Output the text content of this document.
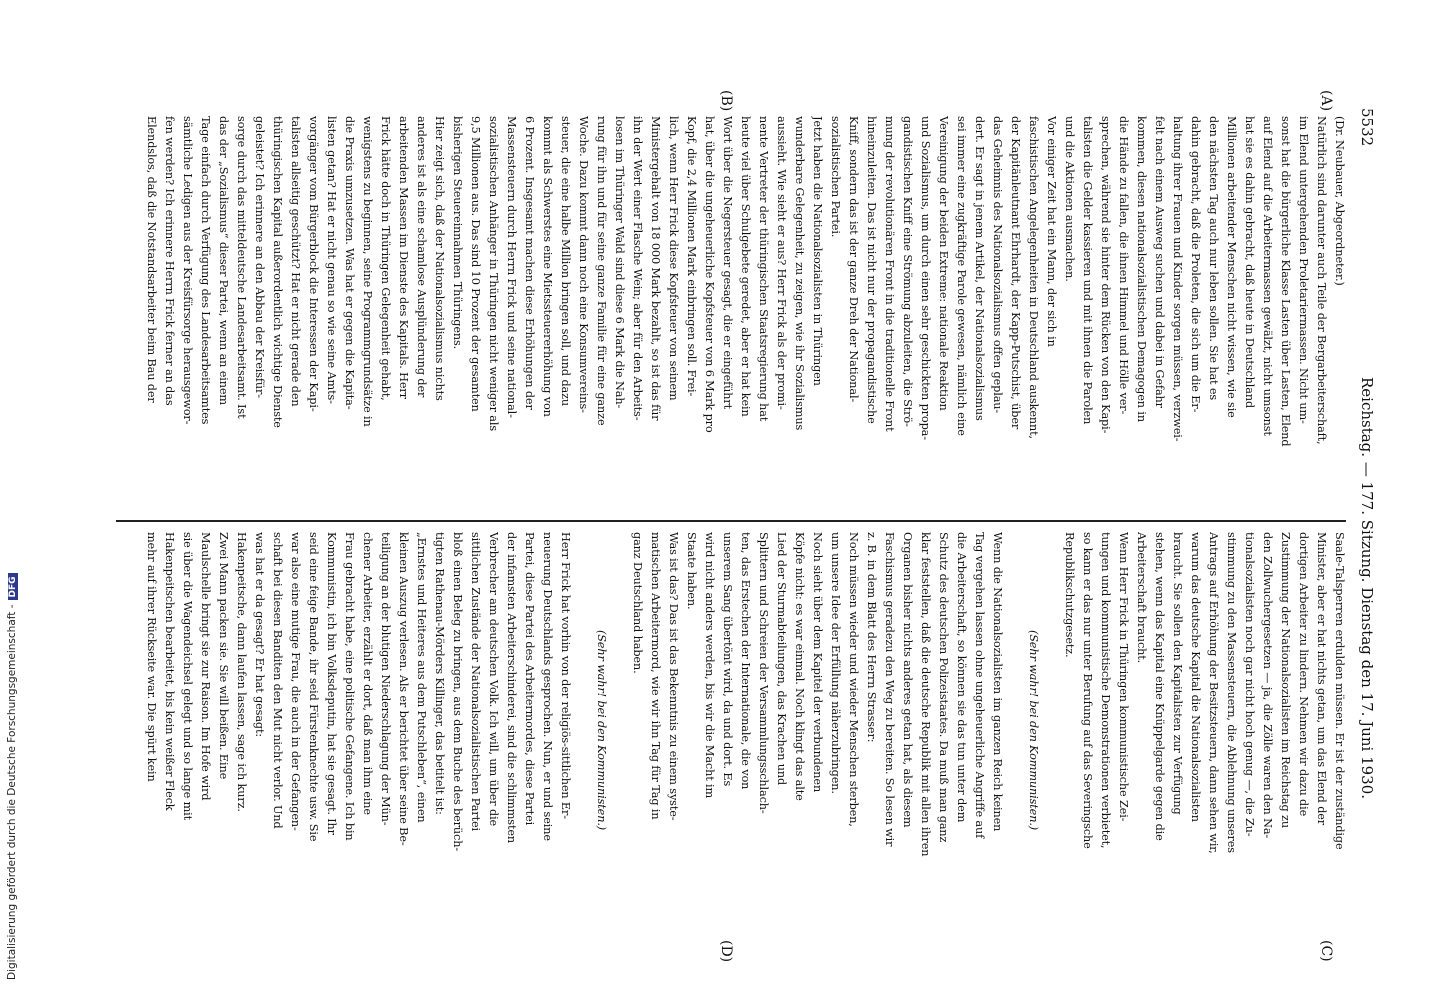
5532
Reichstag. — 177. Sitzung. Dienstag den 17. Juni 1930.
(A)
(B)
(C)
(D)

(Dr. Neubauer, Abgeordneter.)

Natürlich sind darunter auch Teile der Bergarbeiterschaft,

im Elend untergehenden Proletariermassen. Nicht um-

sonst hat die bürgerliche Klasse Lasten über Lasten, Elend

auf Elend auf die Arbeitermassen gewälzt, nicht umsonst

hat sie es dahin gebracht, daß heute in Deutschland

Millionen arbeitender Menschen nicht wissen, wie sie

den nächsten Tag auch nur leben sollen. Sie hat es

dahin gebracht, daß die Proleten, die sich um die Er-

haltung ihrer Frauen und Kinder sorgen müssen, verzwei-

felt nach einem Ausweg suchen und dabei in Gefahr

kommen, diesen nationalsozialistischen Demagogen in

die Hände zu fallen, die ihnen Himmel und Hölle ver-

sprechen, während sie hinter dem Rücken von den Kapi-

talisten die Gelder kassieren und mit ihnen die Parolen

und die Aktionen ausmachen.

Vor einiger Zeit hat ein Mann, der sich in

faschistischen Angelegenheiten in Deutschland auskennt,

der Kapitänleutnant Ehrhardt, der Kapp-Putschist, über

das Geheimnis des Nationalsozialismus offen geplau-

dert. Er sagt in jenem Artikel, der Nationalsozialismus

sei immer eine zugkräftige Parole gewesen, nämlich eine

Vereinigung der beiden Extreme: nationale Reaktion

und Sozialismus, um durch einen sehr geschickten propa-

gandistischen Kniff eine Strömung abzuleiten, die Strö-

mung der revolutionären Front in die traditionelle Front

hineinzuleiten. Das ist nicht nur der propagandistische

Kniff, sondern das ist der ganze Dreh der National-

sozialistischen Partei.

Jetzt haben die Nationalsozialisten in Thüringen

wunderbare Gelegenheit, zu zeigen, wie ihr Sozialismus

aussieht. Wie sieht er aus? Herr Frick als der promi-

nente Vertreter der thüringischen Staatsregierung hat

heute viel über Schulgebete geredet, aber er hat kein

Wort über die Negersteuer gesagt, die er eingeführt

hat, über die ungeheuerliche Kopfsteuer von 6 Mark pro

Kopf, die 2,4 Millionen Mark einbringen soll. Frei-

lich, wenn Herr Frick diese Kopfsteuer von seinem

Ministergehalt von 18 000 Mark bezahlt, so ist das für

ihn der Wert einer Flasche Wein; aber für den Arbeits-

losen im Thüringer Wald sind diese 6 Mark die Nah-

rung für ihn und für seine ganze Familie für eine ganze

Woche. Dazu kommt dann noch eine Konsumvereins-

steuer, die eine halbe Million bringen soll, und dazu

kommt als Schwerstes eine Mietssteuererhöhung von

6 Prozent. Insgesamt machen diese Erhöhungen der

Massensteuern durch Herrn Frick und seine national-

sozialistischen Anhänger in Thüringen nicht weniger als

9,5 Millionen aus. Das sind 10 Prozent der gesamten

bisherigen Steuereinnahmen Thüringens.

Hier zeigt sich, daß der Nationalsozialismus nichts

anderes ist als eine schamlose Ausplünderung der

arbeitenden Massen im Dienste des Kapitals. Herr

Frick hätte doch in Thüringen Gelegenheit gehabt,

wenigstens zu beginnen, seine Programmgrundsätze in

die Praxis umzusetzen. Was hat er gegen die Kapita-

listen getan? Hat er nicht genau so wie seine Amts-

vorgänger vom Bürgerblock die Interessen der Kapi-

talisten allseitig geschützt? Hat er nicht gerade den

thüringischen Kapital außerordentlich wichtige Dienste

geleistet? Ich erinnere an den Abbau der Kreisfür-

sorge durch das mitteldeutsche Landesarbeitsamt. Ist

das der „Sozialismus“ dieser Partei, wenn an einem

Tage einfach durch Verfügung des Landesarbeitsamtes

sämtliche Ledigen aus der Kreisfürsorge herausgewor-

fen werden? Ich erinnere Herrn Frick ferner an das

Elendslos, daß die Notstandsarbeiter beim Bau der

Saale-Talsperren erdulden müssen. Er ist der zuständige

Minister, aber er hat nichts getan, um das Elend der

dortigen Arbeiter zu lindern. Nehmen wir dazu die

Zustimmung der Nationalsozialisten im Reichstag zu

den Zollwuchergesetzen — ja, die Zölle waren den Na-

tionalsozialisten noch gar nicht hoch genug —, die Zu-

stimmung zu den Massensteuern, die Ablehnung unseres

Antrags auf Erhöhung der Besitzsteuern, dann sehen wir,

warum das deutsche Kapital die Nationalsozialisten

braucht. Sie sollen den Kapitalisten zur Verfügung

stehen, wenn das Kapital eine Knüppelgarde gegen die

Arbeiterschaft braucht.

Wenn Herr Frick in Thüringen kommunistische Zei-

tungen und kommunistische Demonstrationen verbietet,

so kann er das nur unter Berufung auf das Severingsche

Republikschutzgesetz.

(Sehr wahr! bei den Kommunisten.)

Wenn die Nationalsozialisten im ganzen Reich keinen

Tag vergehen lassen ohne ungeheuerliche Angriffe auf

die Arbeiterschaft, so können sie das tun unter dem

Schutz des deutschen Polizeistaates. Da muß man ganz

klar feststellen, daß die deutsche Republik mit allen ihren

Organen bisher nichts anderes getan hat, als diesem

Faschismus geradezu den Weg zu bereiten. So lesen wir

z. B. in dem Blatt des Herrn Strasser:

Noch müssen wieder und wieder Menschen sterben,

um unsere Idee der Erfüllung näherzubringen.

Noch sieht über dem Kapitel der verbundenen

Köpfe nicht: es war einmal. Noch klingt das alte

Lied der Sturmabteilungen, das Krachen und

Splittern und Schreien der Versammlungsschlach-

ten, das Erstechen der Internationale, die von

unserem Sang übertönt wird, da und dort. Es

wird nicht anders werden, bis wir die Macht im

Staate haben.

Was ist das? Das ist das Bekenntnis zu einem syste-

matischen Arbeitermord, wie wir ihn Tag für Tag in

ganz Deutschland haben.

(Sehr wahr! bei den Kommunisten.)

Herr Frick hat vorhin von der religiös-sittlichen Er-

neuerung Deutschlands gesprochen. Nun, er und seine

Partei, diese Partei des Arbeitermordes, diese Partei

der infamsten Arbeiterschinderei, sind die schlimmsten

Verbrecher am deutschen Volk. Ich will, um über die

sittlichen Zustände der Nationalsozialistischen Partei

bloß einen Beleg zu bringen, aus dem Buche des berüch-

tigten Rathenau-Mörders Killinger, das betitelt ist:

„Ernstes und Heiteres aus dem Putschleben“, einen

kleinen Auszug verlesen. Als er berichtet über seine Be-

teiligung an der blutigen Niederschlagung der Mün-

chener Arbeiter, erzählt er dort, daß man ihm eine

Frau gebracht habe, eine politische Gefangene. Ich bin

Kommunistin, ich bin Volksdeputin, hat sie gesagt. Ihr

seid eine feige Bande, ihr seid Fürstenknechte usw. Sie

war also eine mutige Frau, die auch in der Gefangen-

schaft bei diesen Banditen den Mut nicht verlor. Und

was hat er da gesagt? Er hat gesagt:

Hakenpeitsche, dann laufen lassen, sage ich kurz.

Zwei Mann packen sie. Sie will beißen. Eine

Maulschelle bringt sie zur Raison. Im Hofe wird

sie über die Wagendeichsel gelegt und so lange mit

Hakenpeitschen bearbeitet, bis kein weißer Fleck

mehr auf ihrer Rückseite war. Die spürt kein

Digitalisierung gefördert durch die Deutsche Forschungsgemeinschaft -DFG
